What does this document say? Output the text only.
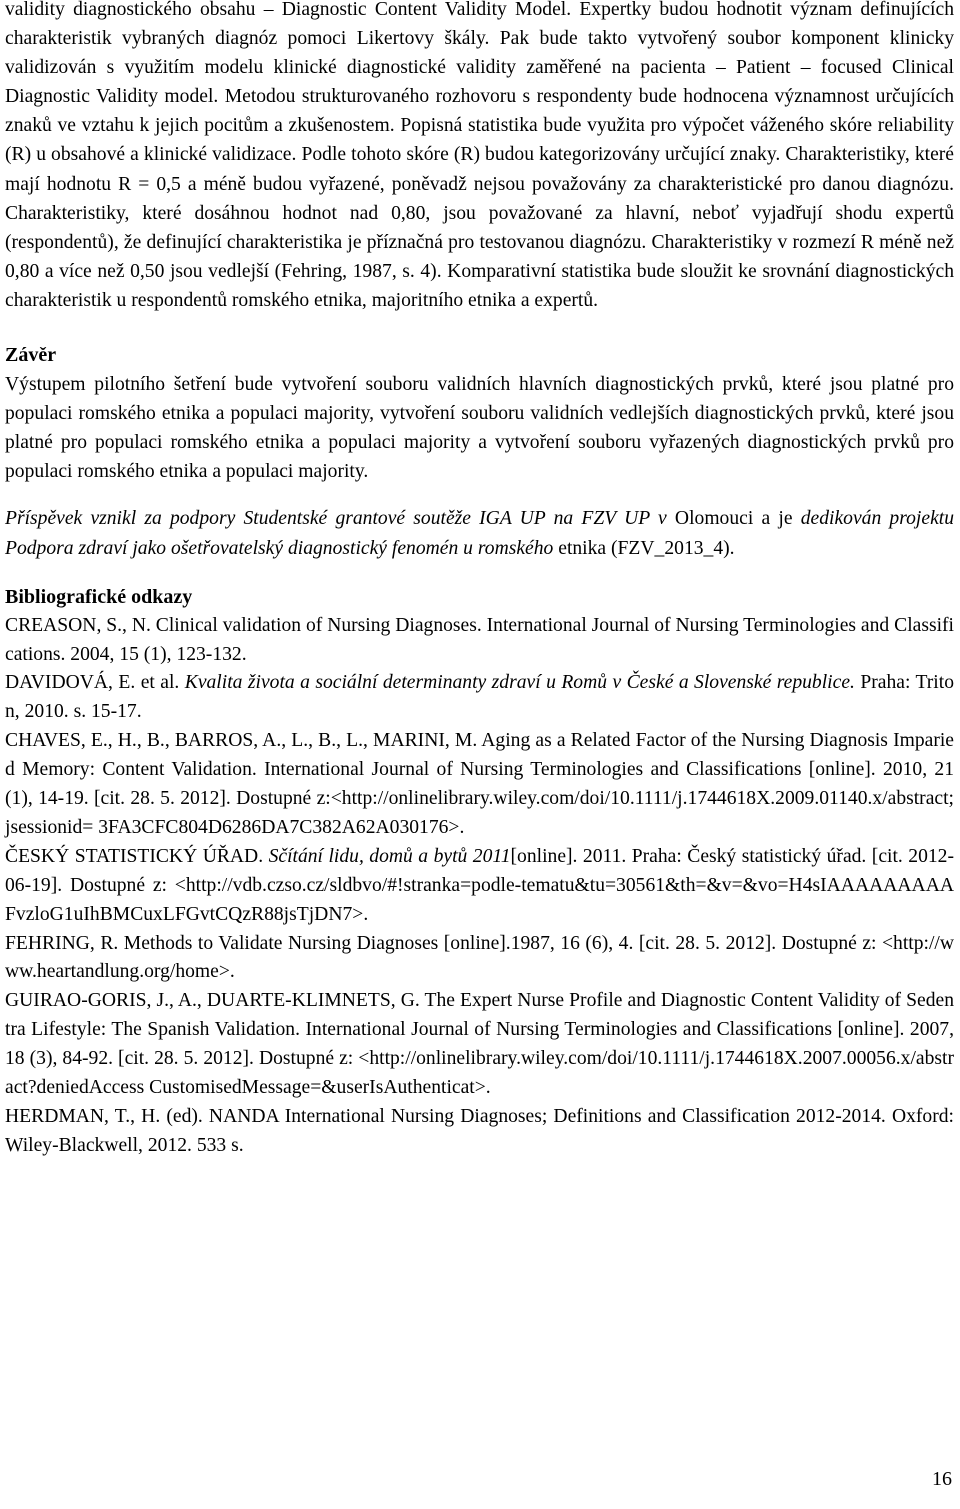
validity diagnostického obsahu – Diagnostic Content Validity Model. Expertky budou hodnotit význam definujících charakteristik vybraných diagnóz pomoci Likertovy škály. Pak bude takto vytvořený soubor komponent klinicky validizován s využitím modelu klinické diagnostické validity zaměřené na pacienta – Patient – focused Clinical Diagnostic Validity model. Metodou strukturovaného rozhovoru s respondenty bude hodnocena významnost určujících znaků ve vztahu k jejich pocitům a zkušenostem. Popisná statistika bude využita pro výpočet váženého skóre reliability (R) u obsahové a klinické validizace. Podle tohoto skóre (R) budou kategorizovány určující znaky. Charakteristiky, které mají hodnotu R = 0,5 a méně budou vyřazené, poněvadž nejsou považovány za charakteristické pro danou diagnózu. Charakteristiky, které dosáhnou hodnot nad 0,80, jsou považované za hlavní, neboť vyjadřují shodu expertů (respondentů), že definující charakteristika je příznačná pro testovanou diagnózu. Charakteristiky v rozmezí R méně než 0,80 a více než 0,50 jsou vedlejší (Fehring, 1987, s. 4). Komparativní statistika bude sloužit ke srovnání diagnostických charakteristik u respondentů romského etnika, majoritního etnika a expertů.

Závěr

Výstupem pilotního šetření bude vytvoření souboru validních hlavních diagnostických prvků, které jsou platné pro populaci romského etnika a populaci majority, vytvoření souboru validních vedlejších diagnostických prvků, které jsou platné pro populaci romského etnika a populaci majority a vytvoření souboru vyřazených diagnostických prvků pro populaci romského etnika a populaci majority.

Příspěvek vznikl za podpory Studentské grantové soutěže IGA UP na FZV UP v Olomouci a je dedikován projektu Podpora zdraví jako ošetřovatelský diagnostický fenomén u romského etnika (FZV_2013_4).

Bibliografické odkazy

CREASON, S., N. Clinical validation of Nursing Diagnoses. International Journal of Nursing Terminologies and Classifications. 2004, 15 (1), 123-132.

DAVIDOVÁ, E. et al. Kvalita života a sociální determinanty zdraví u Romů v České a Slovenské republice. Praha: Triton, 2010. s. 15-17.

CHAVES, E., H., B., BARROS, A., L., B., L., MARINI, M. Aging as a Related Factor of the Nursing Diagnosis Imparied Memory: Content Validation. International Journal of Nursing Terminologies and Classifications [online]. 2010, 21 (1), 14-19. [cit. 28. 5. 2012]. Dostupné z:<http://onlinelibrary.wiley.com/doi/10.1111/j.1744618X.2009.01140.x/abstract;jsessionid= 3FA3CFC804D6286DA7C382A62A030176>.

ČESKÝ STATISTICKÝ ÚŘAD. Sčítání lidu, domů a bytů 2011[online]. 2011. Praha: Český statistický úřad. [cit. 2012-06-19]. Dostupné z: <http://vdb.czso.cz/sldbvo/#!stranka=podle-tematu&tu=30561&th=&v=&vo=H4sIAAAAAAAAAFvzloG1uIhBMCuxLFGvtCQzR88jsTjDN7>.

FEHRING, R. Methods to Validate Nursing Diagnoses [online].1987, 16 (6), 4. [cit. 28. 5. 2012]. Dostupné z: <http://www.heartandlung.org/home>.

GUIRAO-GORIS, J., A., DUARTE-KLIMNETS, G. The Expert Nurse Profile and Diagnostic Content Validity of Sedentra Lifestyle: The Spanish Validation. International Journal of Nursing Terminologies and Classifications [online]. 2007, 18 (3), 84-92. [cit. 28. 5. 2012]. Dostupné z: <http://onlinelibrary.wiley.com/doi/10.1111/j.1744618X.2007.00056.x/abstract?deniedAccess CustomisedMessage=&userIsAuthenticat>.

HERDMAN, T., H. (ed). NANDA International Nursing Diagnoses; Definitions and Classification 2012-2014. Oxford: Wiley-Blackwell, 2012. 533 s.

16
